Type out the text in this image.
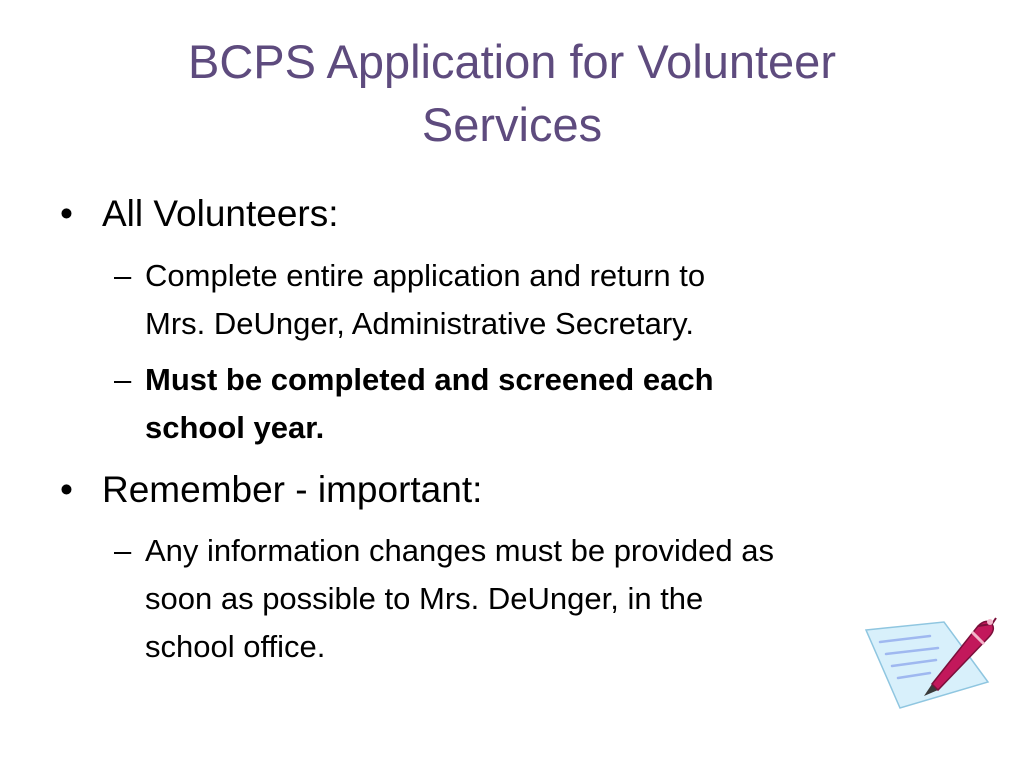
BCPS Application for Volunteer
Services
• All Volunteers:
– Complete entire application and return to
Mrs. DeUnger, Administrative Secretary.
– Must be completed and screened each
school year.
• Remember - important:
– Any information changes must be provided as
soon as possible to Mrs. DeUnger, in the
school office.
